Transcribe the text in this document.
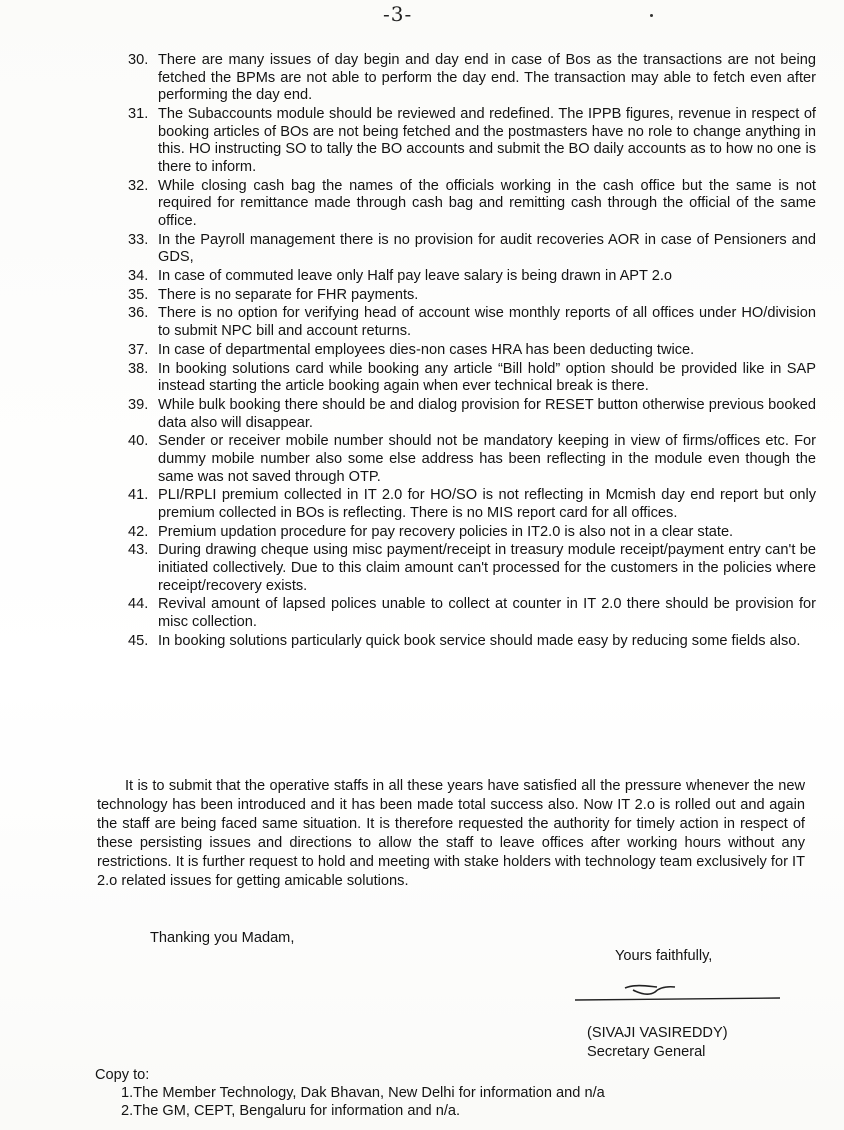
-3-
30. There are many issues of day begin and day end in case of Bos as the transactions are not being fetched the BPMs are not able to perform the day end. The transaction may able to fetch even after performing the day end.
31. The Subaccounts module should be reviewed and redefined. The IPPB figures, revenue in respect of booking articles of BOs are not being fetched and the postmasters have no role to change anything in this. HO instructing SO to tally the BO accounts and submit the BO daily accounts as to how no one is there to inform.
32. While closing cash bag the names of the officials working in the cash office but the same is not required for remittance made through cash bag and remitting cash through the official of the same office.
33. In the Payroll management there is no provision for audit recoveries AOR in case of Pensioners and GDS,
34. In case of commuted leave only Half pay leave salary is being drawn in APT 2.o
35. There is no separate for FHR payments.
36. There is no option for verifying head of account wise monthly reports of all offices under HO/division to submit NPC bill and account returns.
37. In case of departmental employees dies-non cases HRA has been deducting twice.
38. In booking solutions card while booking any article “Bill hold” option should be provided like in SAP instead starting the article booking again when ever technical break is there.
39. While bulk booking there should be and dialog provision for RESET button otherwise previous booked data also will disappear.
40. Sender or receiver mobile number should not be mandatory keeping in view of firms/offices etc. For dummy mobile number also some else address has been reflecting in the module even though the same was not saved through OTP.
41. PLI/RPLI premium collected in IT 2.0 for HO/SO is not reflecting in Mcmish day end report but only premium collected in BOs is reflecting. There is no MIS report card for all offices.
42. Premium updation procedure for pay recovery policies in IT2.0 is also not in a clear state.
43. During drawing cheque using misc payment/receipt in treasury module receipt/payment entry can't be initiated collectively. Due to this claim amount can't processed for the customers in the policies where receipt/recovery exists.
44. Revival amount of lapsed polices unable to collect at counter in IT 2.0 there should be provision for misc collection.
45. In booking solutions particularly quick book service should made easy by reducing some fields also.

It is to submit that the operative staffs in all these years have satisfied all the pressure whenever the new technology has been introduced and it has been made total success also. Now IT 2.o is rolled out and again the staff are being faced same situation. It is therefore requested the authority for timely action in respect of these persisting issues and directions to allow the staff to leave offices after working hours without any restrictions. It is further request to hold and meeting with stake holders with technology team exclusively for IT 2.o related issues for getting amicable solutions.

Thanking you Madam,
Yours faithfully,
(SIVAJI VASIREDDY)
Secretary General
Copy to:
1.The Member Technology, Dak Bhavan, New Delhi for information and n/a
2.The GM, CEPT, Bengaluru for information and n/a.
